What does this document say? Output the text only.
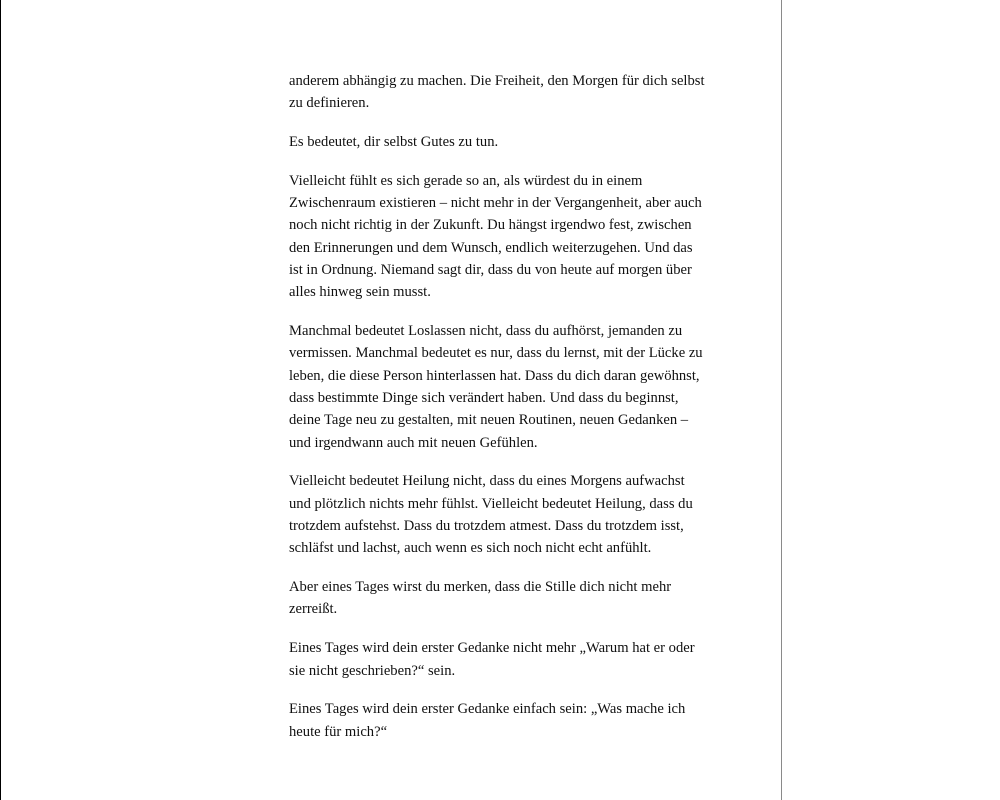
anderem abhängig zu machen. Die Freiheit, den Morgen für dich selbst zu definieren.

Es bedeutet, dir selbst Gutes zu tun.

Vielleicht fühlt es sich gerade so an, als würdest du in einem Zwischenraum existieren – nicht mehr in der Vergangenheit, aber auch noch nicht richtig in der Zukunft. Du hängst irgendwo fest, zwischen den Erinnerungen und dem Wunsch, endlich weiterzugehen. Und das ist in Ordnung. Niemand sagt dir, dass du von heute auf morgen über alles hinweg sein musst.

Manchmal bedeutet Loslassen nicht, dass du aufhörst, jemanden zu vermissen. Manchmal bedeutet es nur, dass du lernst, mit der Lücke zu leben, die diese Person hinterlassen hat. Dass du dich daran gewöhnst, dass bestimmte Dinge sich verändert haben. Und dass du beginnst, deine Tage neu zu gestalten, mit neuen Routinen, neuen Gedanken – und irgendwann auch mit neuen Gefühlen.

Vielleicht bedeutet Heilung nicht, dass du eines Morgens aufwachst und plötzlich nichts mehr fühlst. Vielleicht bedeutet Heilung, dass du trotzdem aufstehst. Dass du trotzdem atmest. Dass du trotzdem isst, schläfst und lachst, auch wenn es sich noch nicht echt anfühlt.

Aber eines Tages wirst du merken, dass die Stille dich nicht mehr zerreißt.

Eines Tages wird dein erster Gedanke nicht mehr „Warum hat er oder sie nicht geschrieben?“ sein.

Eines Tages wird dein erster Gedanke einfach sein: „Was mache ich heute für mich?“
